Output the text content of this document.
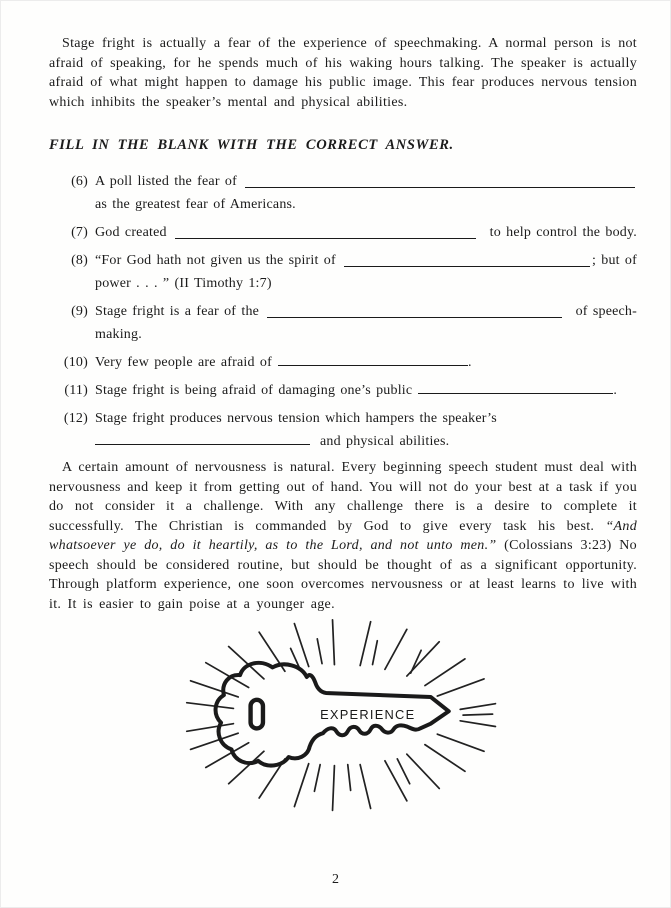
Stage fright is actually a fear of the experience of speechmaking. A normal person is not afraid of speaking, for he spends much of his waking hours talking. The speaker is actually afraid of what might happen to damage his public image. This fear produces nervous tension which inhibits the speaker’s mental and physical abilities.

FILL IN THE BLANK WITH THE CORRECT ANSWER.
(6) A poll listed the fear of
as the greatest fear of Americans.
(7) God created	to help control the body.
(8) “For God hath not given us the spirit of	; but of
power . . . ” (II Timothy 1:7)
(9) Stage fright is a fear of the	of speech-
making.
(10) Very few people are afraid of	.
(11) Stage fright is being afraid of damaging one’s public	.
(12) Stage fright produces nervous tension which hampers the speaker’s
and physical abilities.

A certain amount of nervousness is natural. Every beginning speech student must deal with nervousness and keep it from getting out of hand. You will not do your best at a task if you do not consider it a challenge. With any challenge there is a desire to complete it successfully. The Christian is commanded by God to give every task his best. “And whatsoever ye do, do it heartily, as to the Lord, and not unto men.” (Colossians 3:23) No speech should be considered routine, but should be thought of as a significant opportunity. Through platform experience, one soon overcomes nervousness or at least learns to live with it. It is easier to gain poise at a younger age.

EXPERIENCE
2
